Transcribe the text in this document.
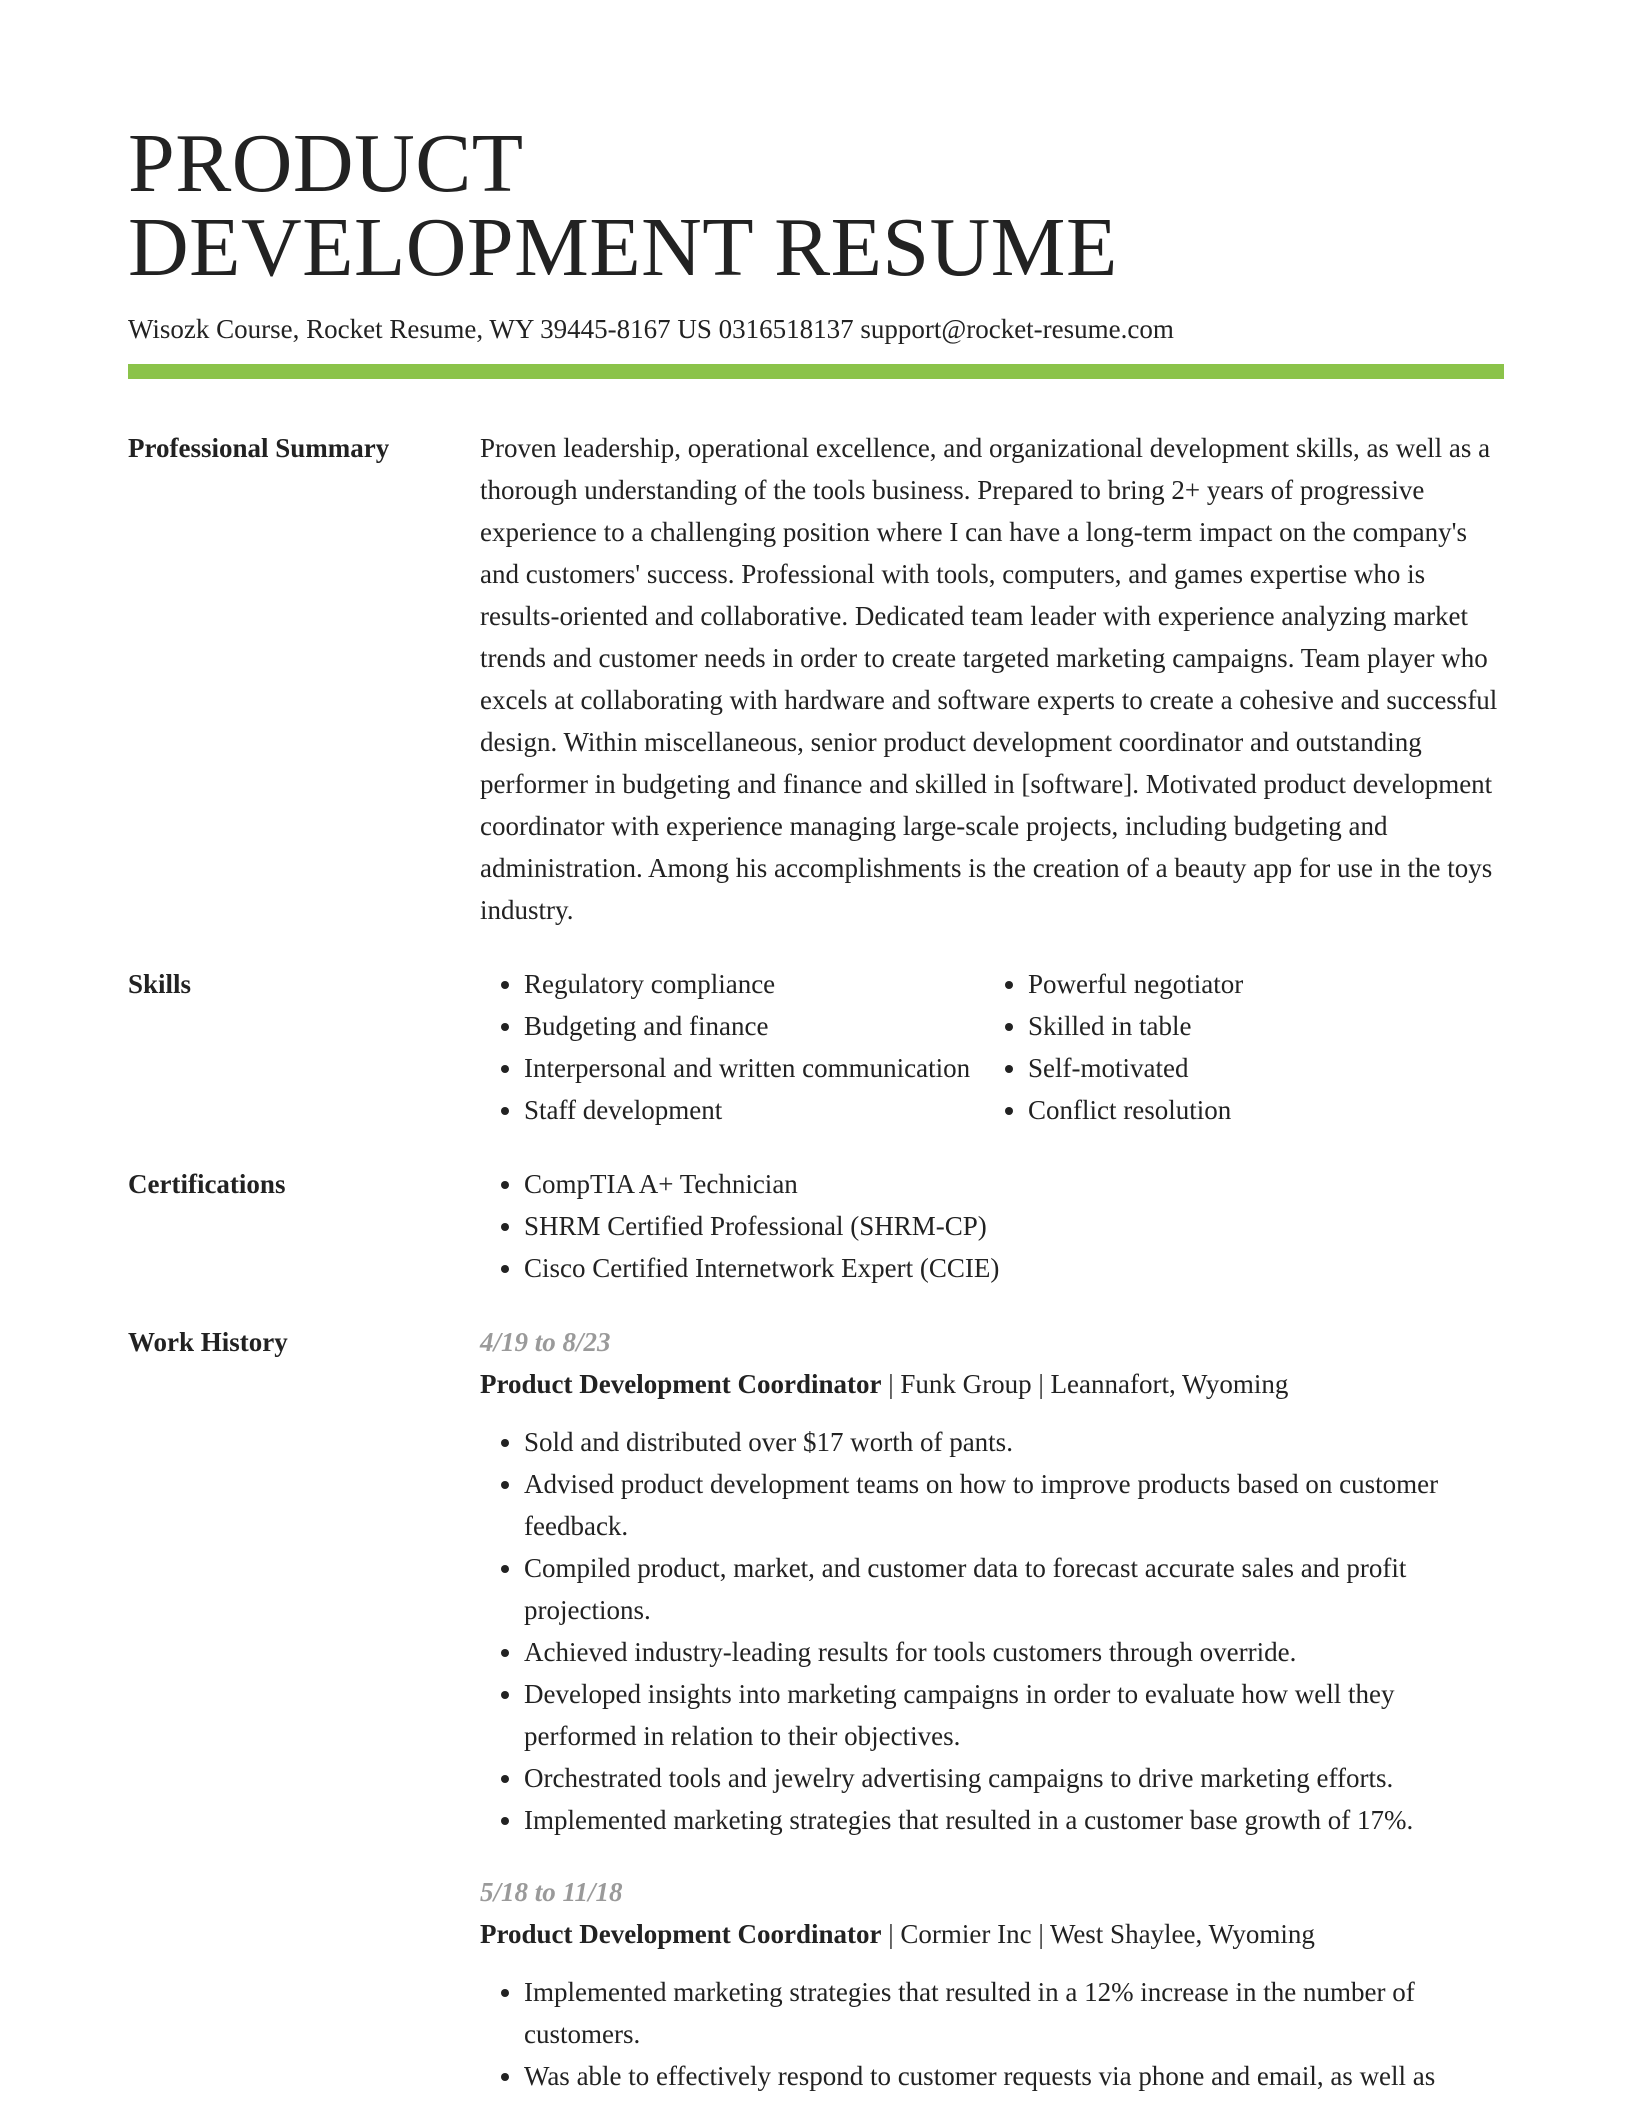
PRODUCT
DEVELOPMENT RESUME
Wisozk Course, Rocket Resume, WY 39445-8167 US 0316518137 support@rocket-resume.com
Professional Summary	Proven leadership, operational excellence, and organizational development skills, as well as a thorough understanding of the tools business. Prepared to bring 2+ years of progressive experience to a challenging position where I can have a long-term impact on the company's and customers' success. Professional with tools, computers, and games expertise who is results-oriented and collaborative. Dedicated team leader with experience analyzing market trends and customer needs in order to create targeted marketing campaigns. Team player who excels at collaborating with hardware and software experts to create a cohesive and successful design. Within miscellaneous, senior product development coordinator and outstanding performer in budgeting and finance and skilled in [software]. Motivated product development coordinator with experience managing large-scale projects, including budgeting and administration. Among his accomplishments is the creation of a beauty app for use in the toys industry.

Skills	• Regulatory compliance
• Budgeting and finance
• Interpersonal and written communication
• Staff development
• Powerful negotiator
• Skilled in table
• Self-motivated
• Conflict resolution
Certifications	• CompTIA A+ Technician
• SHRM Certified Professional (SHRM-CP)
• Cisco Certified Internetwork Expert (CCIE)
Work History	4/19 to 8/23
Product Development Coordinator | Funk Group | Leannafort, Wyoming
• Sold and distributed over $17 worth of pants.
• Advised product development teams on how to improve products based on customer feedback.
• Compiled product, market, and customer data to forecast accurate sales and profit projections.
• Achieved industry-leading results for tools customers through override.
• Developed insights into marketing campaigns in order to evaluate how well they performed in relation to their objectives.
• Orchestrated tools and jewelry advertising campaigns to drive marketing efforts.
• Implemented marketing strategies that resulted in a customer base growth of 17%.
5/18 to 11/18
Product Development Coordinator | Cormier Inc | West Shaylee, Wyoming
• Implemented marketing strategies that resulted in a 12% increase in the number of customers.
• Was able to effectively respond to customer requests via phone and email, as well as
